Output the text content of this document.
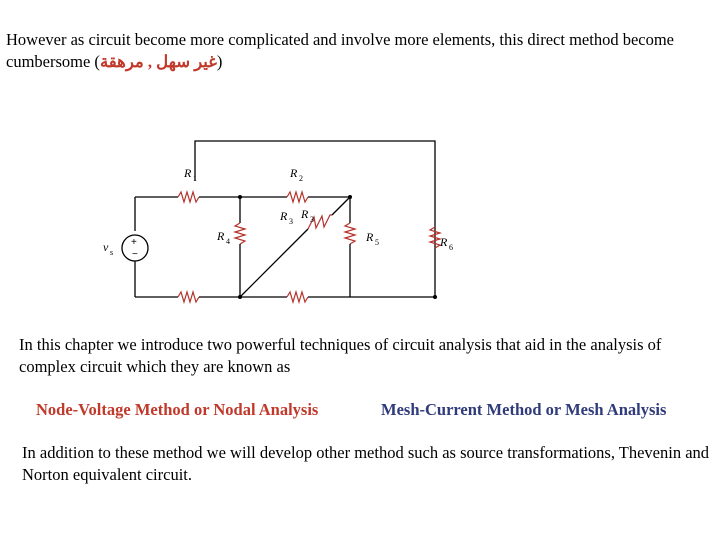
However as circuit become more complicated and involve more elements, this direct method become cumbersome (غير سهل , مرهقة)

+
−
R 1	R 2
R 3
R 3
R 4	R 5	R 6
v s

In this chapter we introduce two powerful techniques of circuit analysis that aid in the analysis of complex circuit which they are known as

Node-Voltage Method or Nodal Analysis	Mesh-Current Method or Mesh Analysis

In addition to these method we will develop other method such as source transformations, Thevenin and Norton equivalent circuit.
